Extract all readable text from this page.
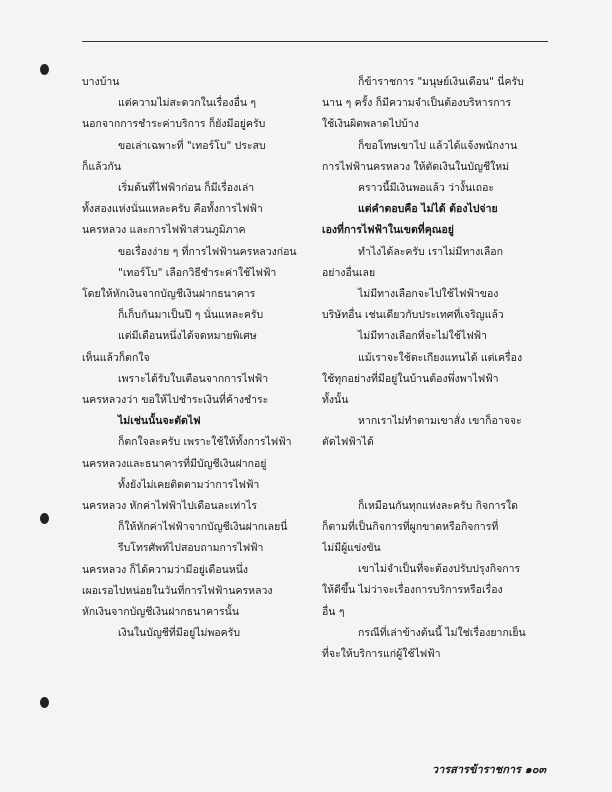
บางบ้าน

แต่ความไม่สะดวกในเรื่องอื่น ๆ

นอกจากการชำระค่าบริการ ก็ยังมีอยู่ครับ

ขอเล่าเฉพาะที่ "เทอร์โบ" ประสบ

ก็แล้วกัน

เริ่มต้นที่ไฟฟ้าก่อน ก็มีเรื่องเล่า

ทั้งสองแห่งนั่นแหละครับ คือทั้งการไฟฟ้า

นครหลวง และการไฟฟ้าส่วนภูมิภาค

ขอเรื่องง่าย ๆ ที่การไฟฟ้านครหลวงก่อน

"เทอร์โบ" เลือกวิธีชำระค่าใช้ไฟฟ้า

โดยให้หักเงินจากบัญชีเงินฝากธนาคาร

ก็เก็บกันมาเป็นปี ๆ นั่นแหละครับ

แต่มีเดือนหนึ่งได้จดหมายพิเศษ

เห็นแล้วก็ตกใจ

เพราะได้รับใบเตือนจากการไฟฟ้า

นครหลวงว่า ขอให้ไปชำระเงินที่ค้างชำระ

ไม่เช่นนั้นจะตัดไฟ

ก็ตกใจละครับ เพราะใช้ให้ทั้งการไฟฟ้า

นครหลวงและธนาคารที่มีบัญชีเงินฝากอยู่

ทั้งยังไม่เคยติดตามว่าการไฟฟ้า

นครหลวง หักค่าไฟฟ้าไปเดือนละเท่าไร

ก็ให้หักค่าไฟฟ้าจากบัญชีเงินฝากเลยนี่

รีบโทรศัพท์ไปสอบถามการไฟฟ้า

นครหลวง ก็ได้ความว่ามีอยู่เดือนหนึ่ง

เผอเรอไปหน่อยในวันที่การไฟฟ้านครหลวง

หักเงินจากบัญชีเงินฝากธนาคารนั้น

เงินในบัญชีที่มีอยู่ไม่พอครับ

ก็ข้าราชการ "มนุษย์เงินเดือน" นี่ครับ

นาน ๆ ครั้ง ก็มีความจำเป็นต้องบริหารการ

ใช้เงินผิดพลาดไปบ้าง

ก็ขอโทษเขาไป แล้วได้แจ้งพนักงาน

การไฟฟ้านครหลวง ให้ตัดเงินในบัญชีใหม่

คราวนี้มีเงินพอแล้ว ว่างั้นเถอะ

แต่คำตอบคือ ไม่ได้ ต้องไปจ่าย

เองที่การไฟฟ้าในเขตที่คุณอยู่

ทำไงได้ละครับ เราไม่มีทางเลือก

อย่างอื่นเลย

ไม่มีทางเลือกจะไปใช้ไฟฟ้าของ

บริษัทอื่น เช่นเดียวกับประเทศที่เจริญแล้ว

ไม่มีทางเลือกที่จะไม่ใช้ไฟฟ้า

แม้เราจะใช้ตะเกียงแทนได้ แต่เครื่อง

ใช้ทุกอย่างที่มีอยู่ในบ้านต้องพึ่งพาไฟฟ้า

ทั้งนั้น

หากเราไม่ทำตามเขาสั่ง เขาก็อาจจะ

ตัดไฟฟ้าได้

ก็เหมือนกันทุกแห่งละครับ กิจการใด

ก็ตามที่เป็นกิจการที่ผูกขาดหรือกิจการที่

ไม่มีผู้แข่งขัน

เขาไม่จำเป็นที่จะต้องปรับปรุงกิจการ

ให้ดีขึ้น ไม่ว่าจะเรื่องการบริการหรือเรื่อง

อื่น ๆ

กรณีที่เล่าข้างต้นนี้ ไม่ใช่เรื่องยากเย็น

ที่จะให้บริการแก่ผู้ใช้ไฟฟ้า

วารสารข้าราชการ ๑๐๓
